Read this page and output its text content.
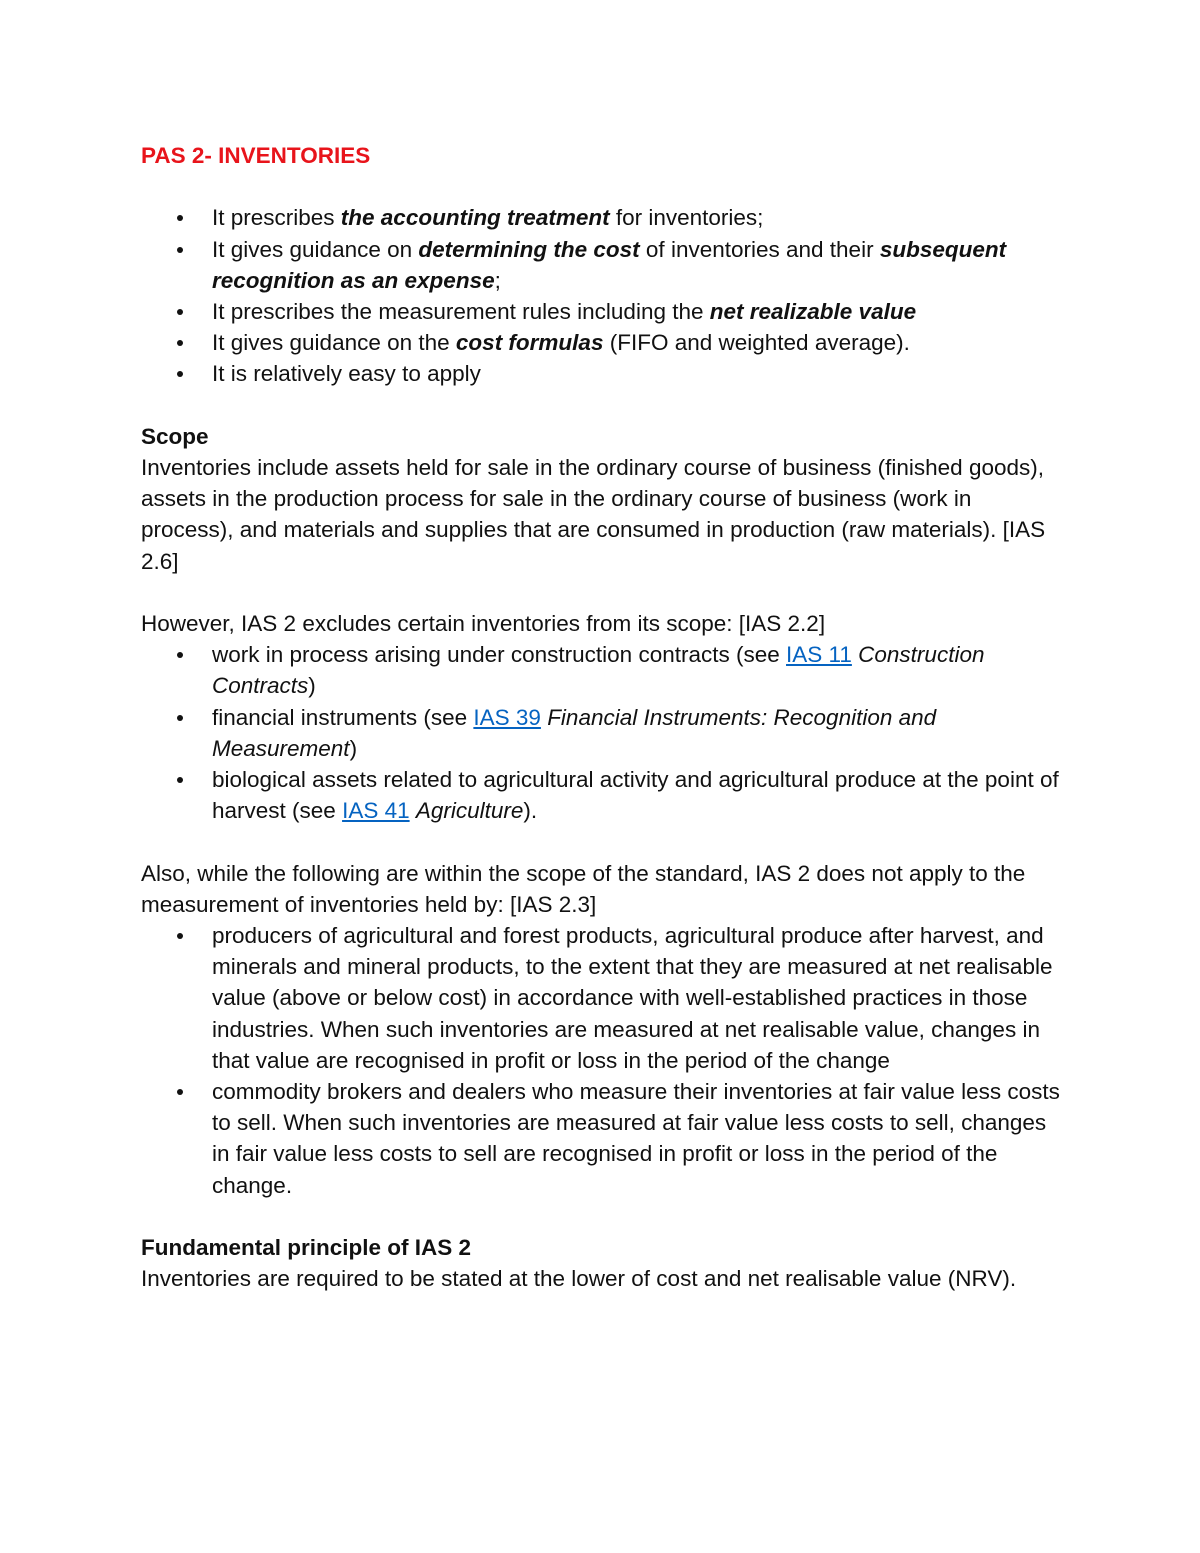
PAS 2- INVENTORIES

It prescribes the accounting treatment for inventories;
It gives guidance on determining the cost of inventories and their subsequent recognition as an expense;
It prescribes the measurement rules including the net realizable value
It gives guidance on the cost formulas (FIFO and weighted average).
It is relatively easy to apply

Scope

Inventories include assets held for sale in the ordinary course of business (finished goods), assets in the production process for sale in the ordinary course of business (work in process), and materials and supplies that are consumed in production (raw materials). [IAS 2.6]

However, IAS 2 excludes certain inventories from its scope: [IAS 2.2]

work in process arising under construction contracts (see IAS 11 Construction Contracts)
financial instruments (see IAS 39 Financial Instruments: Recognition and Measurement)
biological assets related to agricultural activity and agricultural produce at the point of harvest (see IAS 41 Agriculture).

Also, while the following are within the scope of the standard, IAS 2 does not apply to the measurement of inventories held by: [IAS 2.3]

producers of agricultural and forest products, agricultural produce after harvest, and minerals and mineral products, to the extent that they are measured at net realisable value (above or below cost) in accordance with well-established practices in those industries. When such inventories are measured at net realisable value, changes in that value are recognised in profit or loss in the period of the change
commodity brokers and dealers who measure their inventories at fair value less costs to sell. When such inventories are measured at fair value less costs to sell, changes in fair value less costs to sell are recognised in profit or loss in the period of the change.

Fundamental principle of IAS 2

Inventories are required to be stated at the lower of cost and net realisable value (NRV).
